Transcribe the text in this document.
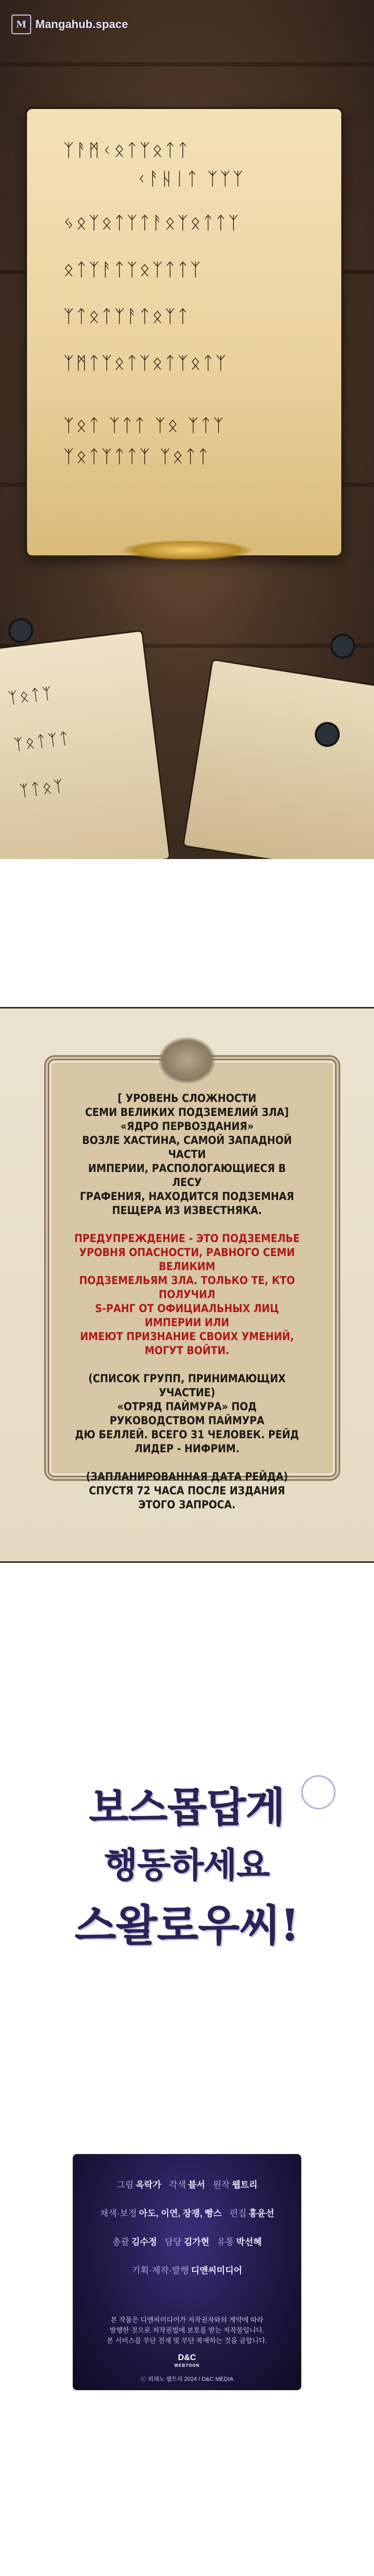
ᛉᚨᛗᚲᛟᛏᛉᛟᛏᛏ
ᚲᚨᚺᛁᛏ ᛉᛉᛉ
ᛃᛟᛉᛟᛏᛉᛏᚨᛟᛉᛟᛏᛏᛉ
ᛟᛏᛉᚨᛏᛉᛟᛉᛏᛏᛉ
ᛉᛏᛟᛏᛉᚨᛏᛟᛉᛏ
ᛉᛗᛏᛉᛟᛏᛉᛟᛏᛉᛟᛏᛉ
ᛉᛟᛏ ᛉᛏᛏ ᛉᛟ ᛉᛏᛉ
ᛉᛟᛏᛉᛏᛏᛉ ᛉᛟᛏᛏ
ᛉᛟᛏᛉ
ᛉᛟᛏᛉᛏ
ᛉᛏᛟᛉ
M Mangahub.space

[ УРОВЕНЬ СЛОЖНОСТИ
СЕМИ ВЕЛИКИХ ПОДЗЕМЕЛИЙ ЗЛА]
«ЯДРО ПЕРВОЗДАНИЯ»
ВОЗЛЕ ХАСТИНА, САМОЙ ЗАПАДНОЙ ЧАСТИ
ИМПЕРИИ, РАСПОЛОГАЮЩИЕСЯ В ЛЕСУ
ГРАФЕНИЯ, НАХОДИТСЯ ПОДЗЕМНАЯ
ПЕЩЕРА ИЗ ИЗВЕСТНЯКА.

ПРЕДУПРЕЖДЕНИЕ - ЭТО ПОДЗЕМЕЛЬЕ
УРОВНЯ ОПАСНОСТИ, РАВНОГО СЕМИ ВЕЛИКИМ
ПОДЗЕМЕЛЬЯМ ЗЛА. ТОЛЬКО ТЕ, КТО ПОЛУЧИЛ
S-РАНГ ОТ ОФИЦИАЛЬНЫХ ЛИЦ ИМПЕРИИ ИЛИ
ИМЕЮТ ПРИЗНАНИЕ СВОИХ УМЕНИЙ, МОГУТ ВОЙТИ.

(СПИСОК ГРУПП, ПРИНИМАЮЩИХ УЧАСТИЕ)
«ОТРЯД ПАЙМУРА» ПОД РУКОВОДСТВОМ ПАЙМУРА
ДЮ БЕЛЛЕЙ. ВСЕГО 31 ЧЕЛОВЕК. РЕЙД
ЛИДЕР - НИФРИМ.

(ЗАПЛАНИРОВАННАЯ ДАТА РЕЙДА)
СПУСТЯ 72 ЧАСА ПОСЛЕ ИЗДАНИЯ
ЭТОГО ЗАПРОСА.

보스몹답게
행동하세요
스왈로우씨!
그림 옥락가 각색 블서 원작 웹트리
채색·보정 아도, 이연, 장쟁, 빵스 편집 홍윤선
총괄 김수정 담당 김가현 유통 박선혜
기획·제작·발행 디앤씨미디어
본 작품은 디앤씨미디어가 저작권자와의 계약에 따라
발행한 것으로 저작권법에 보호를 받는 저작물입니다.
본 서비스를 무단 전재 및 무단 복제하는 것을 금합니다.
D&C
WEBTOON
ⓒ 외래노 웹트리 2024 / D&C MEDIA
